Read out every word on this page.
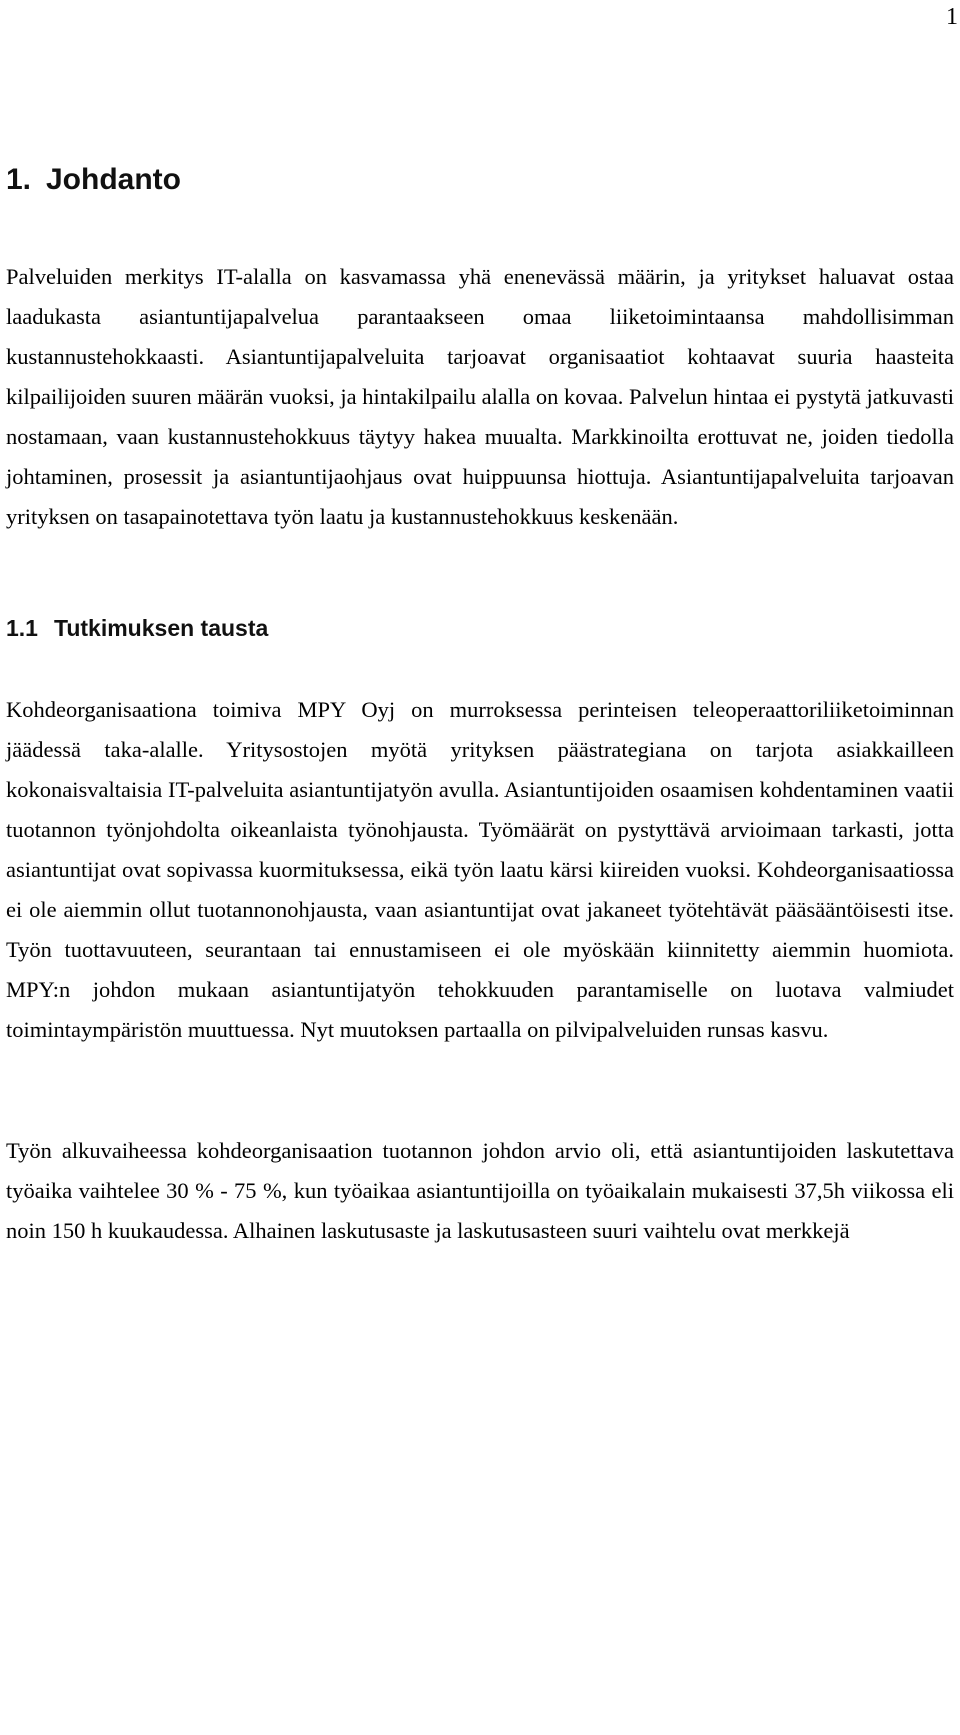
1
1. Johdanto

Palveluiden merkitys IT-alalla on kasvamassa yhä enenevässä määrin, ja yritykset haluavat ostaa laadukasta asiantuntijapalvelua parantaakseen omaa liiketoimintaansa mahdollisimman kustannustehokkaasti. Asiantuntijapalveluita tarjoavat organisaatiot kohtaavat suuria haasteita kilpailijoiden suuren määrän vuoksi, ja hintakilpailu alalla on kovaa. Palvelun hintaa ei pystytä jatkuvasti nostamaan, vaan kustannustehokkuus täytyy hakea muualta. Markkinoilta erottuvat ne, joiden tiedolla johtaminen, prosessit ja asiantuntijaohjaus ovat huippuunsa hiottuja. Asiantuntijapalveluita tarjoavan yrityksen on tasapainotettava työn laatu ja kustannustehokkuus keskenään.

1.1 Tutkimuksen tausta

Kohdeorganisaationa toimiva MPY Oyj on murroksessa perinteisen teleoperaattoriliiketoiminnan jäädessä taka-alalle. Yritysostojen myötä yrityksen päästrategiana on tarjota asiakkailleen kokonaisvaltaisia IT-palveluita asiantuntijatyön avulla. Asiantuntijoiden osaamisen kohdentaminen vaatii tuotannon työnjohdolta oikeanlaista työnohjausta. Työmäärät on pystyttävä arvioimaan tarkasti, jotta asiantuntijat ovat sopivassa kuormituksessa, eikä työn laatu kärsi kiireiden vuoksi. Kohdeorganisaatiossa ei ole aiemmin ollut tuotannonohjausta, vaan asiantuntijat ovat jakaneet työtehtävät pääsääntöisesti itse. Työn tuottavuuteen, seurantaan tai ennustamiseen ei ole myöskään kiinnitetty aiemmin huomiota. MPY:n johdon mukaan asiantuntijatyön tehokkuuden parantamiselle on luotava valmiudet toimintaympäristön muuttuessa. Nyt muutoksen partaalla on pilvipalveluiden runsas kasvu.

Työn alkuvaiheessa kohdeorganisaation tuotannon johdon arvio oli, että asiantuntijoiden laskutettava työaika vaihtelee 30 % - 75 %, kun työaikaa asiantuntijoilla on työaikalain mukaisesti 37,5h viikossa eli noin 150 h kuukaudessa. Alhainen laskutusaste ja laskutusasteen suuri vaihtelu ovat merkkejä
